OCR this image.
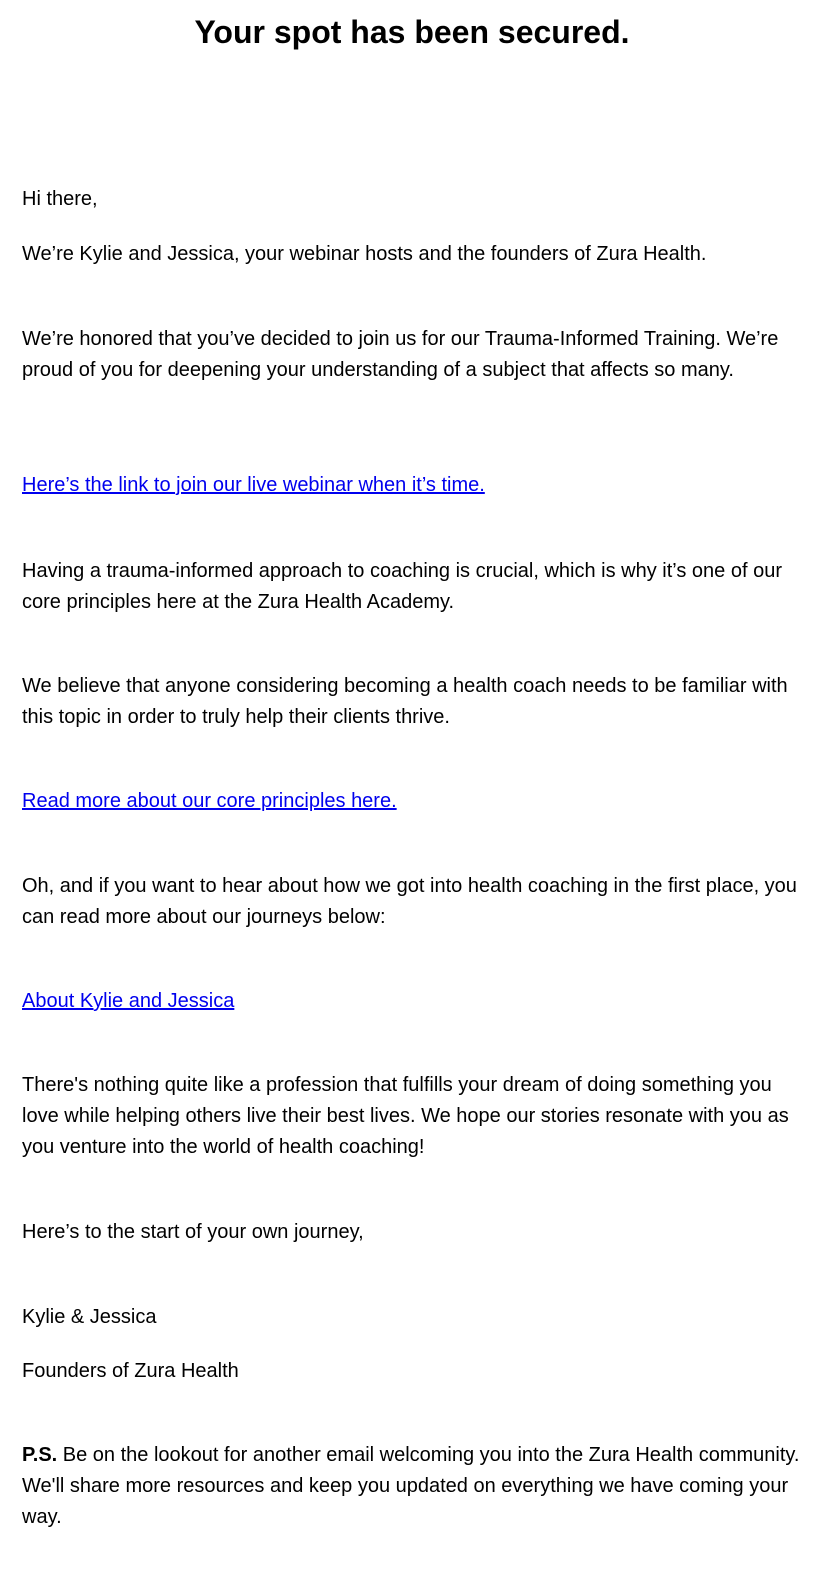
Your spot has been secured.

Hi there,

We’re Kylie and Jessica, your webinar hosts and the founders of Zura Health.

We’re honored that you’ve decided to join us for our Trauma-Informed Training. We’re proud of you for deepening your understanding of a subject that affects so many.

Here’s the link to join our live webinar when it’s time.

Having a trauma-informed approach to coaching is crucial, which is why it’s one of our core principles here at the Zura Health Academy.

We believe that anyone considering becoming a health coach needs to be familiar with this topic in order to truly help their clients thrive.

Read more about our core principles here.

Oh, and if you want to hear about how we got into health coaching in the first place, you can read more about our journeys below:

About Kylie and Jessica

There's nothing quite like a profession that fulfills your dream of doing something you love while helping others live their best lives. We hope our stories resonate with you as you venture into the world of health coaching!

Here’s to the start of your own journey,

Kylie & Jessica

Founders of Zura Health

P.S. Be on the lookout for another email welcoming you into the Zura Health community. We'll share more resources and keep you updated on everything we have coming your way.
